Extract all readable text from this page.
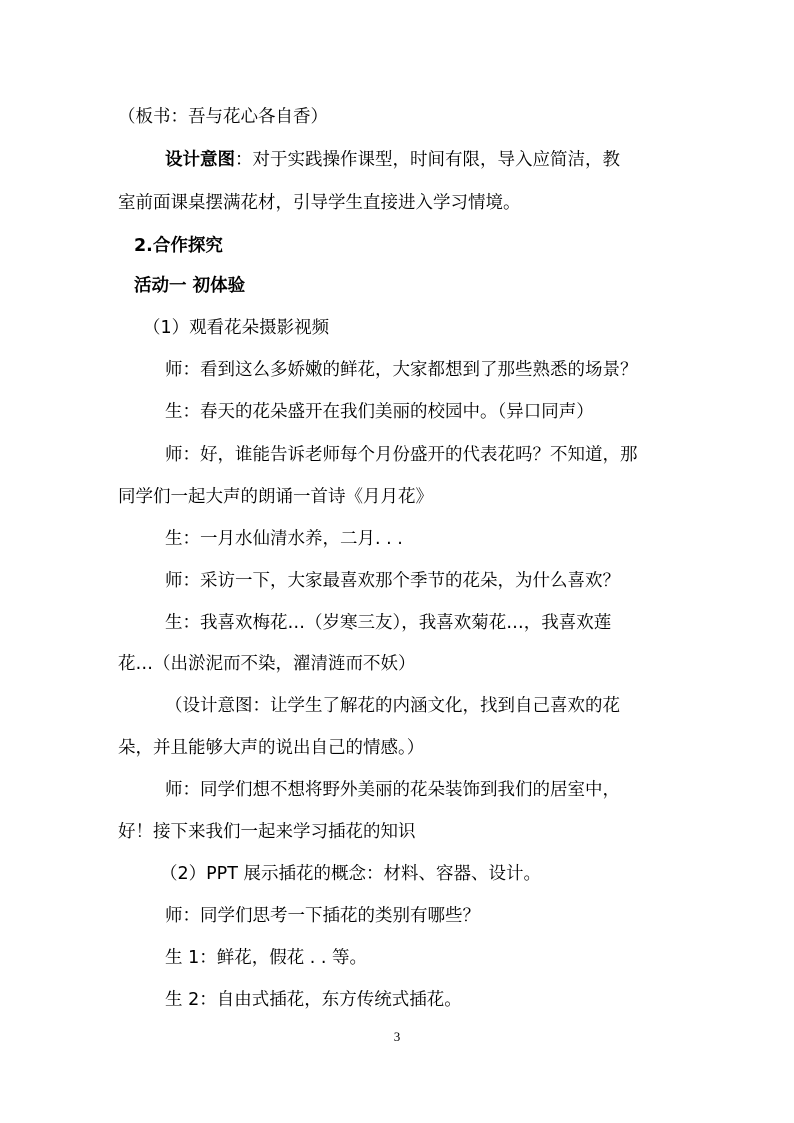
（板书：吾与花心各自香）
设计意图：对于实践操作课型，时间有限，导入应简洁，教
室前面课桌摆满花材，引导学生直接进入学习情境。
2.合作探究
活动一 初体验
（1）观看花朵摄影视频
师：看到这么多娇嫩的鲜花，大家都想到了那些熟悉的场景？
生：春天的花朵盛开在我们美丽的校园中。（异口同声）
师：好，谁能告诉老师每个月份盛开的代表花吗？不知道，那
同学们一起大声的朗诵一首诗《月月花》
生：一月水仙清水养，二月. . .
师：采访一下，大家最喜欢那个季节的花朵，为什么喜欢？
生：我喜欢梅花…（岁寒三友），我喜欢菊花…，我喜欢莲
花…（出淤泥而不染，濯清涟而不妖）
（设计意图：让学生了解花的内涵文化，找到自己喜欢的花
朵，并且能够大声的说出自己的情感。）
师：同学们想不想将野外美丽的花朵装饰到我们的居室中，
好！接下来我们一起来学习插花的知识
（2）PPT 展示插花的概念：材料、容器、设计。
师：同学们思考一下插花的类别有哪些？
生 1：鲜花，假花 . . 等。
生 2：自由式插花，东方传统式插花。
3
